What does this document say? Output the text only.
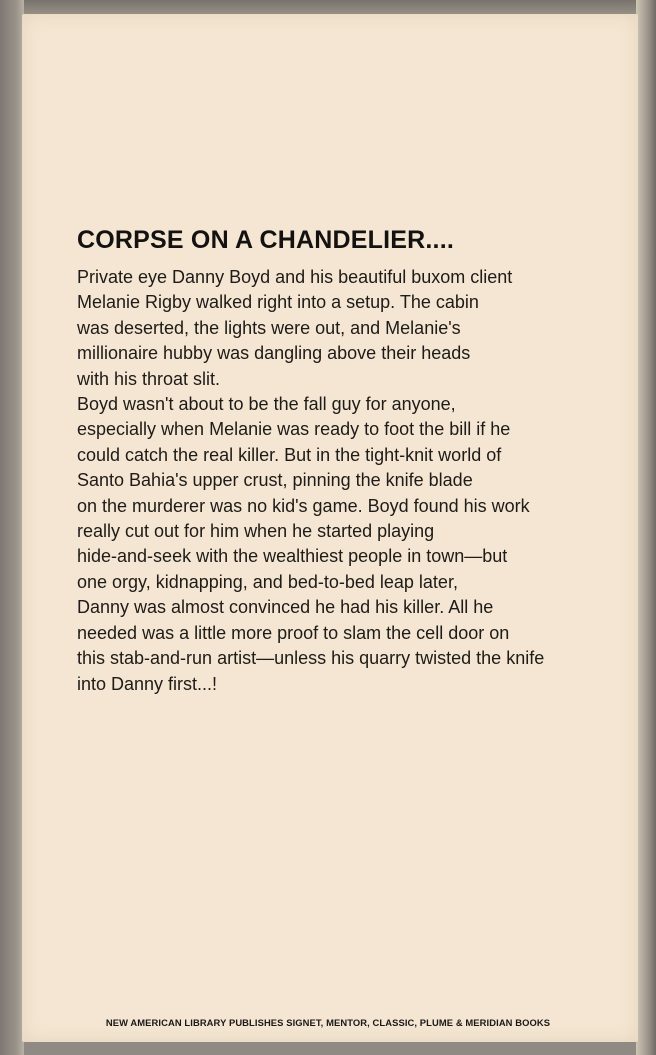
CORPSE ON A CHANDELIER....
Private eye Danny Boyd and his beautiful buxom client
Melanie Rigby walked right into a setup. The cabin
was deserted, the lights were out, and Melanie's
millionaire hubby was dangling above their heads
with his throat slit.
Boyd wasn't about to be the fall guy for anyone,
especially when Melanie was ready to foot the bill if he
could catch the real killer. But in the tight-knit world of
Santo Bahia's upper crust, pinning the knife blade
on the murderer was no kid's game. Boyd found his work
really cut out for him when he started playing
hide-and-seek with the wealthiest people in town—but
one orgy, kidnapping, and bed-to-bed leap later,
Danny was almost convinced he had his killer. All he
needed was a little more proof to slam the cell door on
this stab-and-run artist—unless his quarry twisted the knife
into Danny first...!
NEW AMERICAN LIBRARY PUBLISHES SIGNET, MENTOR, CLASSIC, PLUME & MERIDIAN BOOKS
